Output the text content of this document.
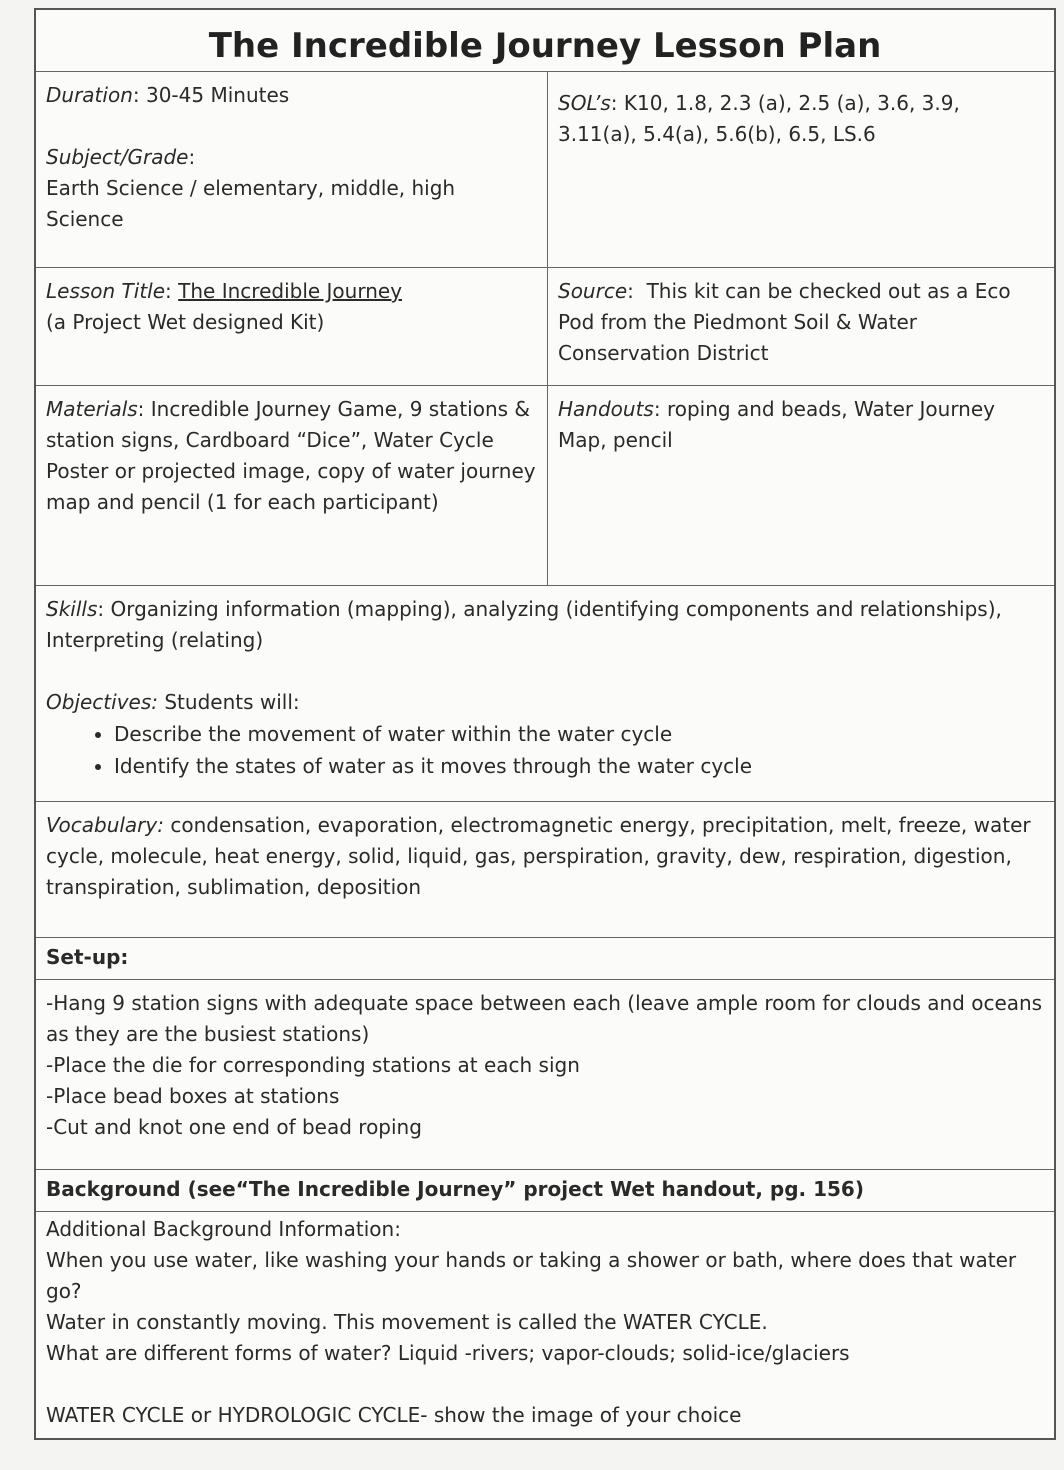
The Incredible Journey Lesson Plan
Duration: 30-45 Minutes
Subject/Grade:
Earth Science / elementary, middle, high Science
SOL’s: K10, 1.8, 2.3 (a), 2.5 (a), 3.6, 3.9, 3.11(a), 5.4(a), 5.6(b), 6.5, LS.6
Lesson Title: The Incredible Journey
(a Project Wet designed Kit)
Source:  This kit can be checked out as a Eco Pod from the Piedmont Soil & Water Conservation District
Materials: Incredible Journey Game, 9 stations & station signs, Cardboard “Dice”, Water Cycle Poster or projected image, copy of water journey map and pencil (1 for each participant)
Handouts: roping and beads, Water Journey Map, pencil
Skills: Organizing information (mapping), analyzing (identifying components and relationships), Interpreting (relating)
Objectives: Students will:
• Describe the movement of water within the water cycle
• Identify the states of water as it moves through the water cycle
Vocabulary: condensation, evaporation, electromagnetic energy, precipitation, melt, freeze, water cycle, molecule, heat energy, solid, liquid, gas, perspiration, gravity, dew, respiration, digestion, transpiration, sublimation, deposition
Set-up:
-Hang 9 station signs with adequate space between each (leave ample room for clouds and oceans as they are the busiest stations)
-Place the die for corresponding stations at each sign
-Place bead boxes at stations
-Cut and knot one end of bead roping
Background (see“The Incredible Journey” project Wet handout, pg. 156)
Additional Background Information:
When you use water, like washing your hands or taking a shower or bath, where does that water go?
Water in constantly moving. This movement is called the WATER CYCLE.
What are different forms of water? Liquid -rivers; vapor-clouds; solid-ice/glaciers
WATER CYCLE or HYDROLOGIC CYCLE- show the image of your choice
